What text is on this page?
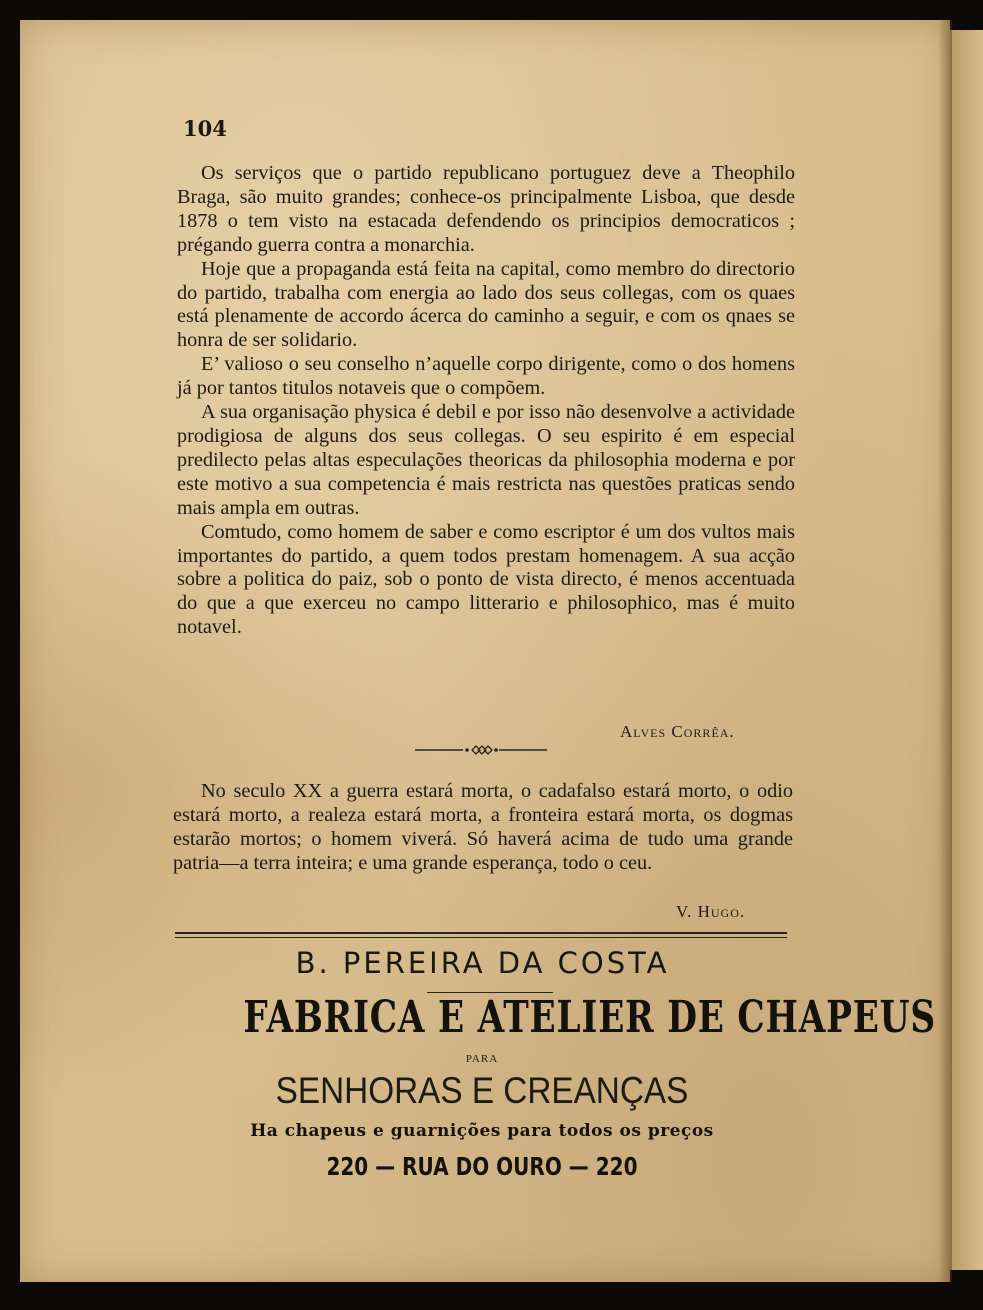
104

Os serviços que o partido republicano portuguez deve a Theophilo Braga, são muito grandes; conhece-os principalmente Lisboa, que desde 1878 o tem visto na estacada defendendo os principios democraticos ; prégando guerra contra a monarchia.

Hoje que a propaganda está feita na capital, como membro do directorio do partido, trabalha com energia ao lado dos seus collegas, com os quaes está plenamente de accordo ácerca do caminho a seguir, e com os qnaes se honra de ser solidario.

E’ valioso o seu conselho n’aquelle corpo dirigente, como o dos homens já por tantos titulos notaveis que o compõem.

A sua organisação physica é debil e por isso não desenvolve a actividade prodigiosa de alguns dos seus collegas. O seu espirito é em especial predilecto pelas altas especulações theoricas da philosophia moderna e por este motivo a sua competencia é mais restricta nas questões praticas sendo mais ampla em outras.

Comtudo, como homem de saber e como escriptor é um dos vultos mais importantes do partido, a quem todos prestam homenagem. A sua acção sobre a politica do paiz, sob o ponto de vista directo, é menos accentuada do que a que exerceu no campo litterario e philosophico, mas é muito notavel.

Alves Corrêa.

No seculo XX a guerra estará morta, o cadafalso estará morto, o odio estará morto, a realeza estará morta, a fronteira estará morta, os dogmas estarão mortos; o homem viverá. Só haverá acima de tudo uma grande patria—a terra inteira; e uma grande esperança, todo o ceu.

V. Hugo.
B. PEREIRA DA COSTA
FABRICA E ATELIER DE CHAPEUS
PARA
SENHORAS E CREANÇAS
Ha chapeus e guarnições para todos os preços
220 — RUA DO OURO — 220
